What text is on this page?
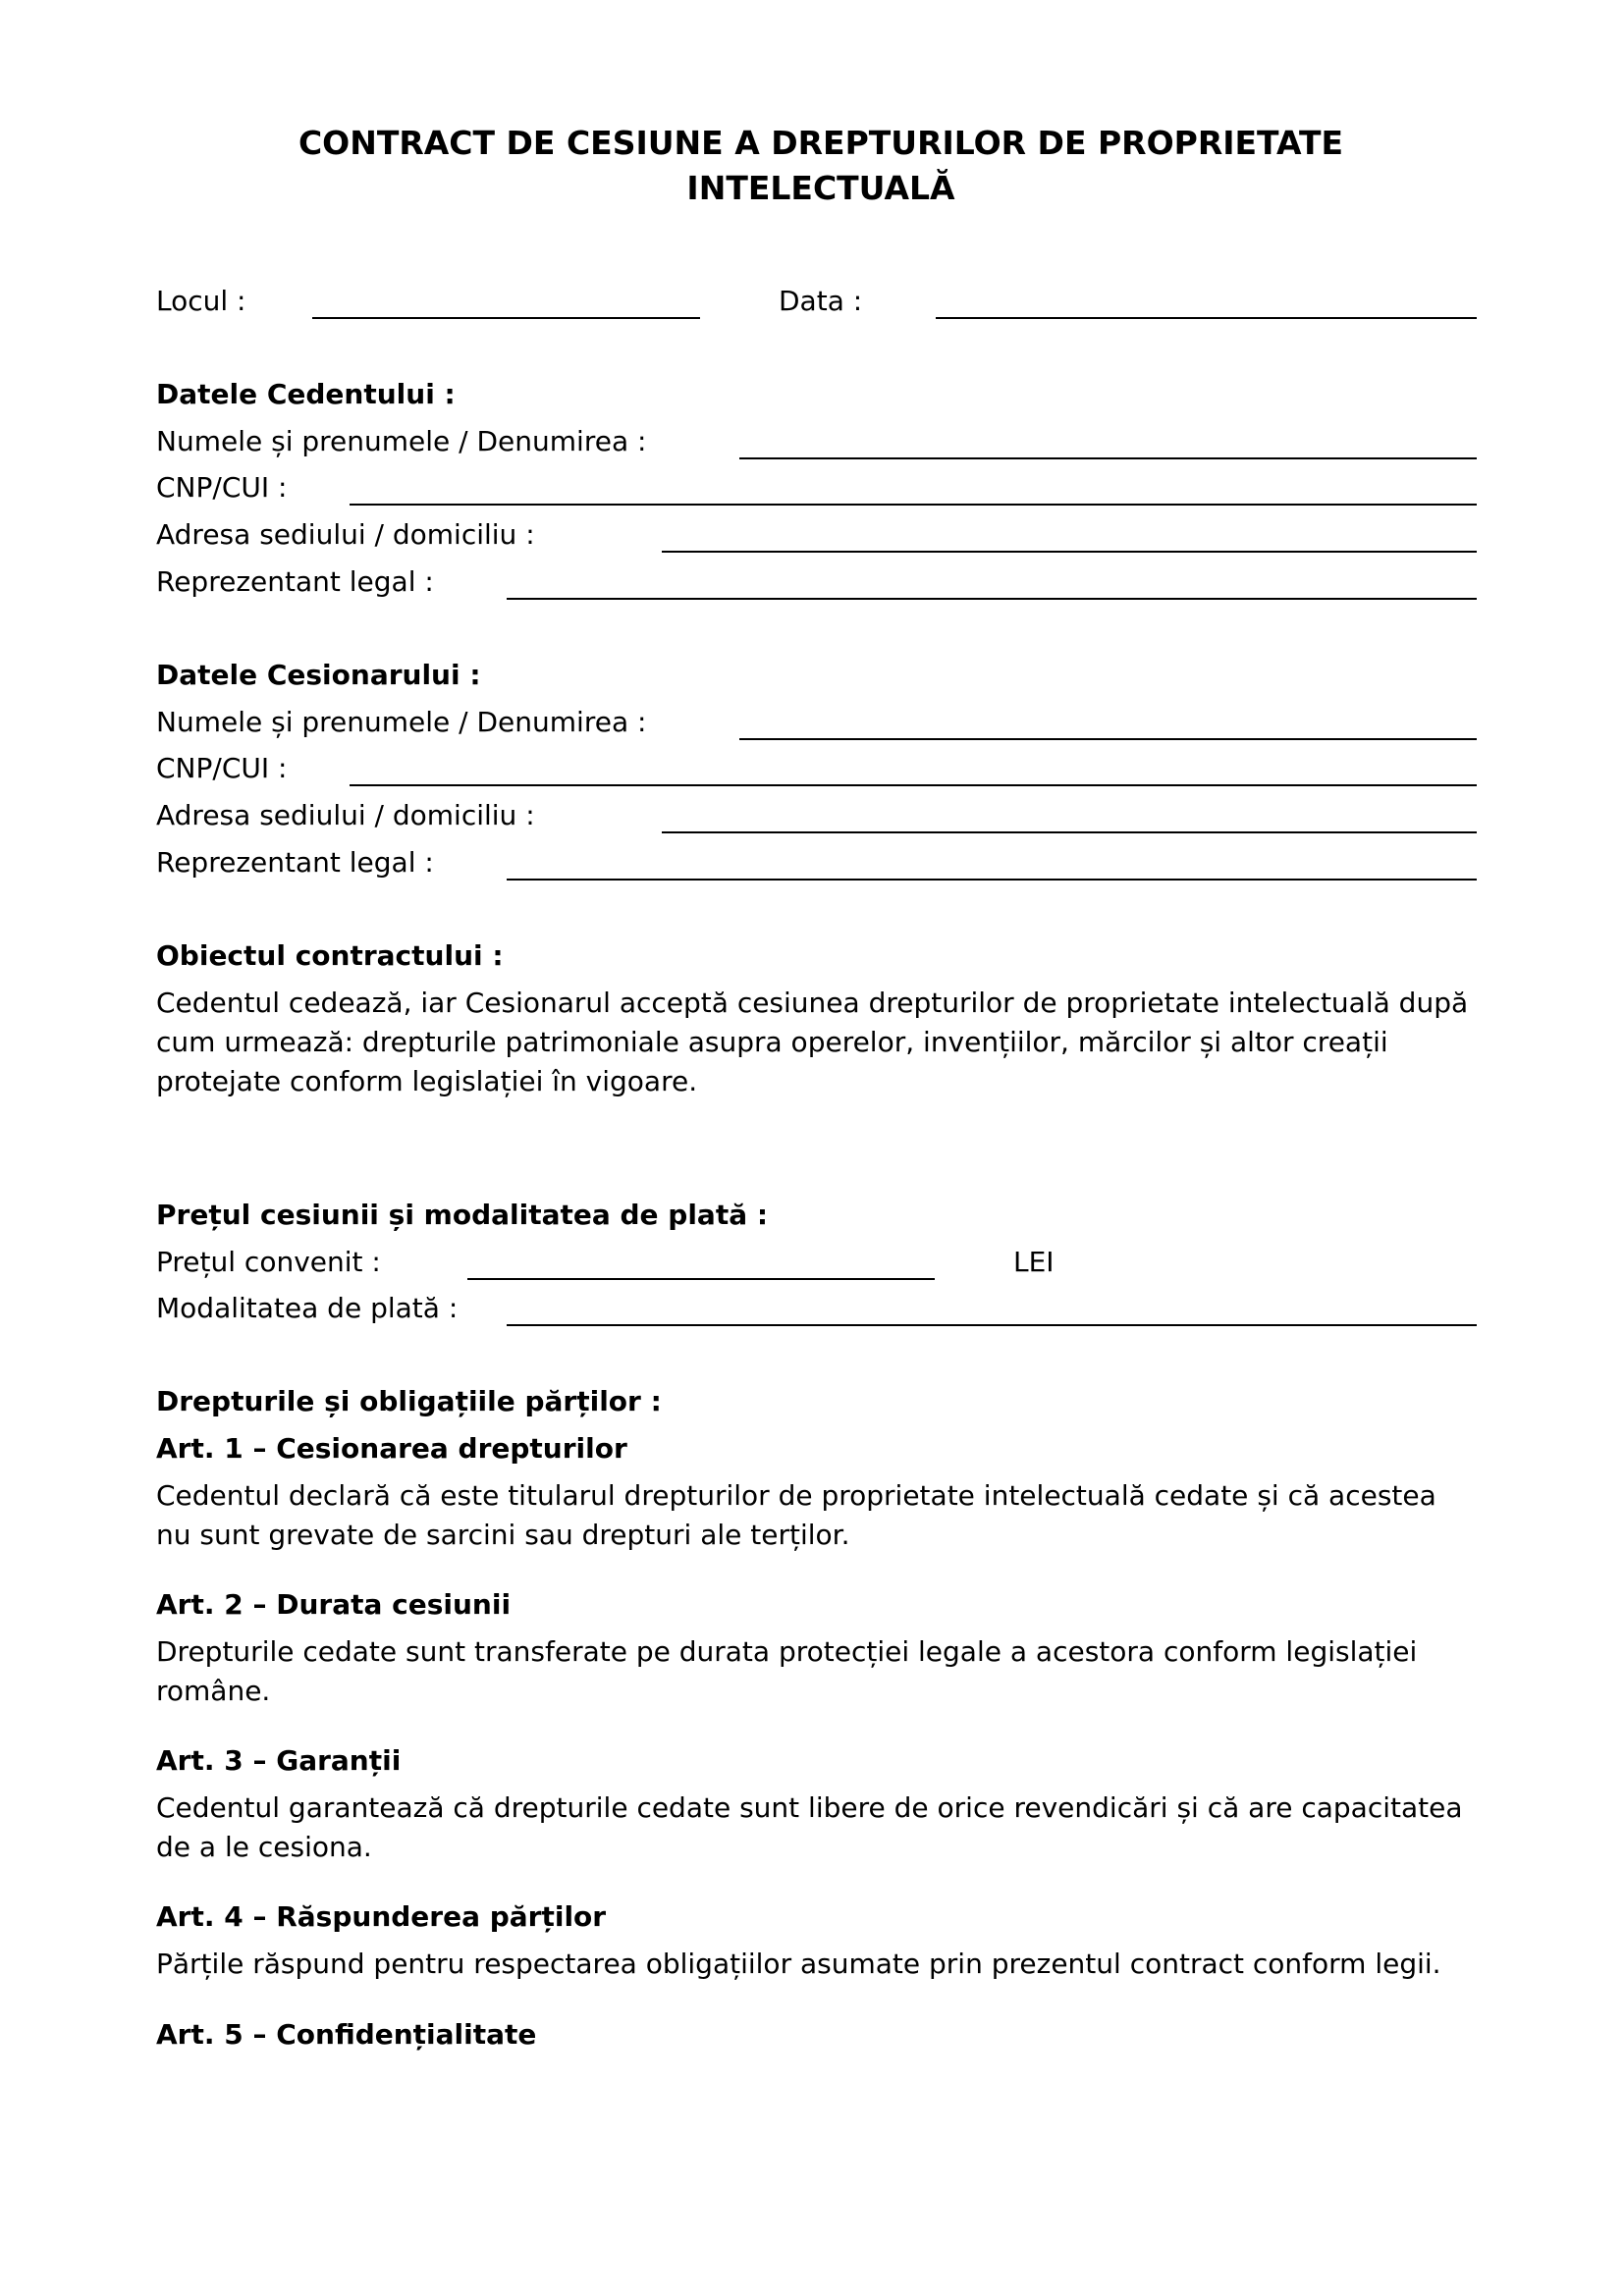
CONTRACT DE CESIUNE A DREPTURILOR DE PROPRIETATE
INTELECTUALĂ
Locul :	Data :
Datele Cedentului :
Numele și prenumele / Denumirea :
CNP/CUI :
Adresa sediului / domiciliu :
Reprezentant legal :
Datele Cesionarului :
Numele și prenumele / Denumirea :
CNP/CUI :
Adresa sediului / domiciliu :
Reprezentant legal :
Obiectul contractului :
Cedentul cedează, iar Cesionarul acceptă cesiunea drepturilor de proprietate intelectuală după cum urmează: drepturile patrimoniale asupra operelor, invențiilor, mărcilor și altor creații protejate conform legislației în vigoare.
Prețul cesiunii și modalitatea de plată :
Prețul convenit :	LEI
Modalitatea de plată :
Drepturile și obligațiile părților :
Art. 1 – Cesionarea drepturilor
Cedentul declară că este titularul drepturilor de proprietate intelectuală cedate și că acestea nu sunt grevate de sarcini sau drepturi ale terților.
Art. 2 – Durata cesiunii
Drepturile cedate sunt transferate pe durata protecției legale a acestora conform legislației române.
Art. 3 – Garanții
Cedentul garantează că drepturile cedate sunt libere de orice revendicări și că are capacitatea de a le cesiona.
Art. 4 – Răspunderea părților
Părțile răspund pentru respectarea obligațiilor asumate prin prezentul contract conform legii.
Art. 5 – Confidențialitate
